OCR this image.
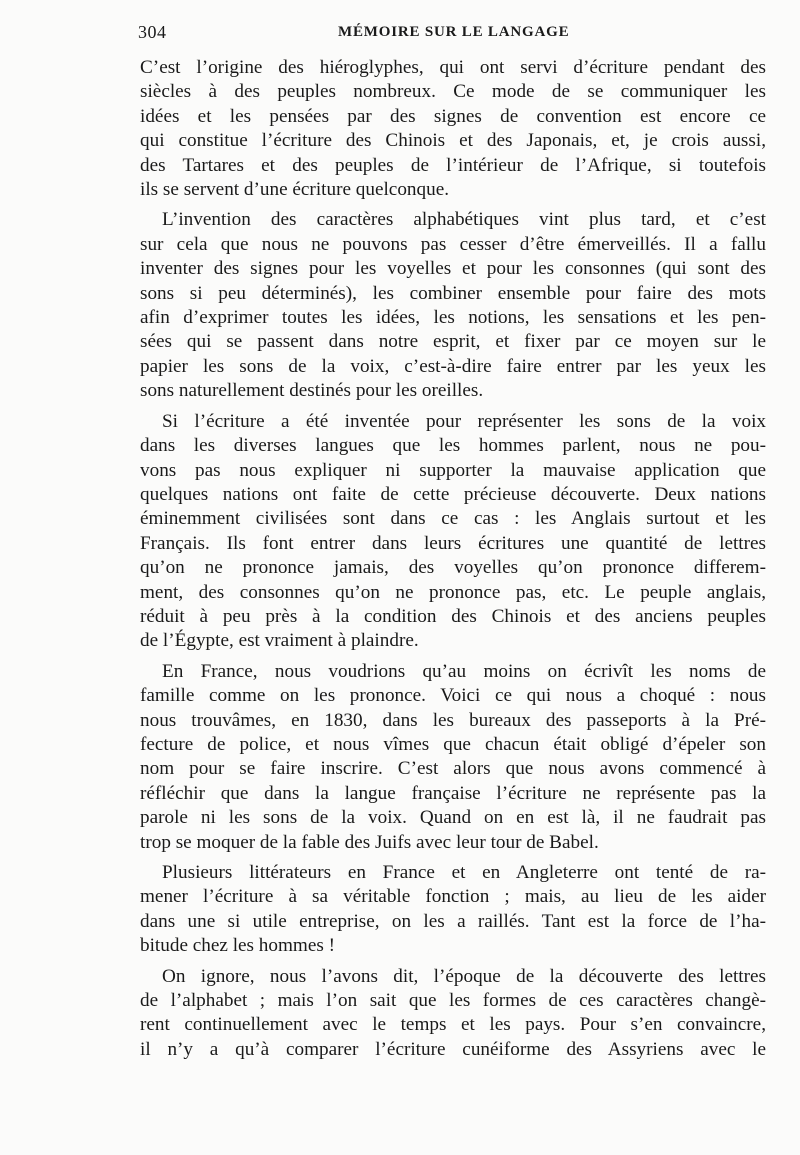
304	MÉMOIRE SUR LE LANGAGE

C’est l’origine des hiéroglyphes, qui ont servi d’écriture pendant des
siècles à des peuples nombreux. Ce mode de se communiquer les
idées et les pensées par des signes de convention est encore ce
qui constitue l’écriture des Chinois et des Japonais, et, je crois aussi,
des Tartares et des peuples de l’intérieur de l’Afrique, si toutefois
ils se servent d’une écriture quelconque.

L’invention des caractères alphabétiques vint plus tard, et c’est
sur cela que nous ne pouvons pas cesser d’être émerveillés. Il a fallu
inventer des signes pour les voyelles et pour les consonnes (qui sont des
sons si peu déterminés), les combiner ensemble pour faire des mots
afin d’exprimer toutes les idées, les notions, les sensations et les pen-
sées qui se passent dans notre esprit, et fixer par ce moyen sur le
papier les sons de la voix, c’est-à-dire faire entrer par les yeux les
sons naturellement destinés pour les oreilles.

Si l’écriture a été inventée pour représenter les sons de la voix
dans les diverses langues que les hommes parlent, nous ne pou-
vons pas nous expliquer ni supporter la mauvaise application que
quelques nations ont faite de cette précieuse découverte. Deux nations
éminemment civilisées sont dans ce cas : les Anglais surtout et les
Français. Ils font entrer dans leurs écritures une quantité de lettres
qu’on ne prononce jamais, des voyelles qu’on prononce differem-
ment, des consonnes qu’on ne prononce pas, etc. Le peuple anglais,
réduit à peu près à la condition des Chinois et des anciens peuples
de l’Égypte, est vraiment à plaindre.

En France, nous voudrions qu’au moins on écrivît les noms de
famille comme on les prononce. Voici ce qui nous a choqué : nous
nous trouvâmes, en 1830, dans les bureaux des passeports à la Pré-
fecture de police, et nous vîmes que chacun était obligé d’épeler son
nom pour se faire inscrire. C’est alors que nous avons commencé à
réfléchir que dans la langue française l’écriture ne représente pas la
parole ni les sons de la voix. Quand on en est là, il ne faudrait pas
trop se moquer de la fable des Juifs avec leur tour de Babel.

Plusieurs littérateurs en France et en Angleterre ont tenté de ra-
mener l’écriture à sa véritable fonction ; mais, au lieu de les aider
dans une si utile entreprise, on les a raillés. Tant est la force de l’ha-
bitude chez les hommes !

On ignore, nous l’avons dit, l’époque de la découverte des lettres
de l’alphabet ; mais l’on sait que les formes de ces caractères changè-
rent continuellement avec le temps et les pays. Pour s’en convaincre,
il n’y a qu’à comparer l’écriture cunéiforme des Assyriens avec le
